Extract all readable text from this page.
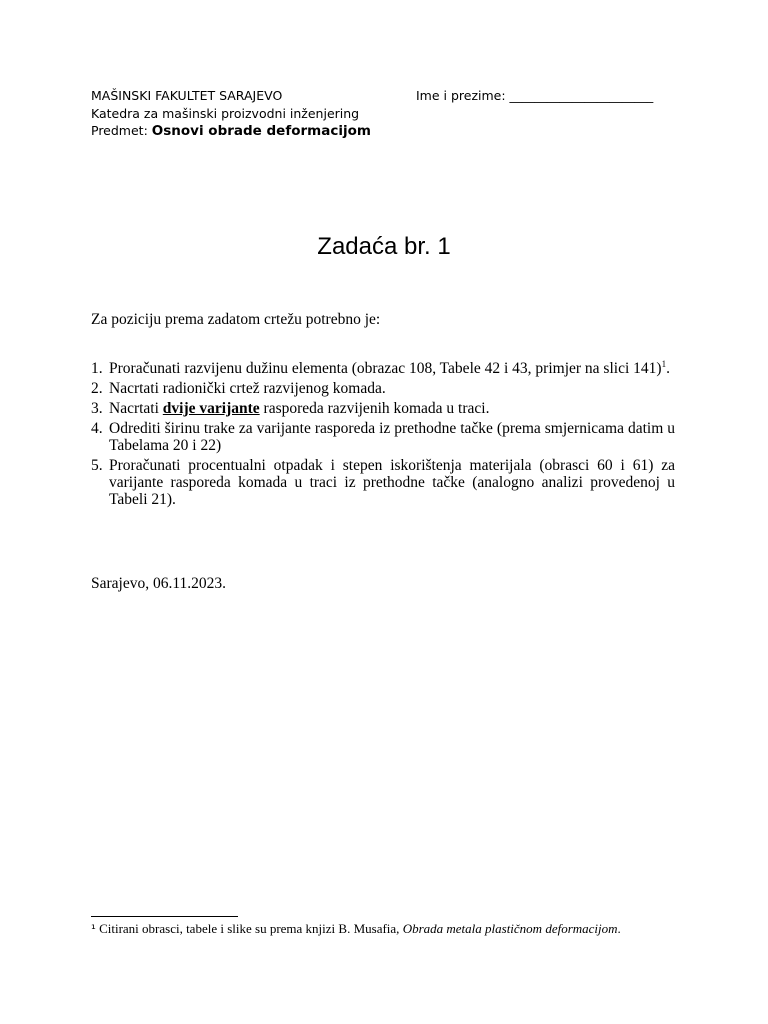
MAŠINSKI FAKULTET SARAJEVO	Ime i prezime: _______________________
Katedra za mašinski proizvodni inženjering
Predmet: Osnovi obrade deformacijom
Zadaća br. 1
Za poziciju prema zadatom crtežu potrebno je:
1. Proračunati razvijenu dužinu elementa (obrazac 108, Tabele 42 i 43, primjer na slici 141)$^1$.
2. Nacrtati radionički crtež razvijenog komada.
3. Nacrtati dvije varijante rasporeda razvijenih komada u traci.
4. Odrediti širinu trake za varijante rasporeda iz prethodne tačke (prema smjernicama datim u Tabelama 20 i 22)
5. Proračunati procentualni otpadak i stepen iskorištenja materijala (obrasci 60 i 61) za varijante rasporeda komada u traci iz prethodne tačke (analogno analizi provedenoj u Tabeli 21).
Sarajevo, 06.11.2023.
¹ Citirani obrasci, tabele i slike su prema knjizi B. Musafia, Obrada metala plastičnom deformacijom.
